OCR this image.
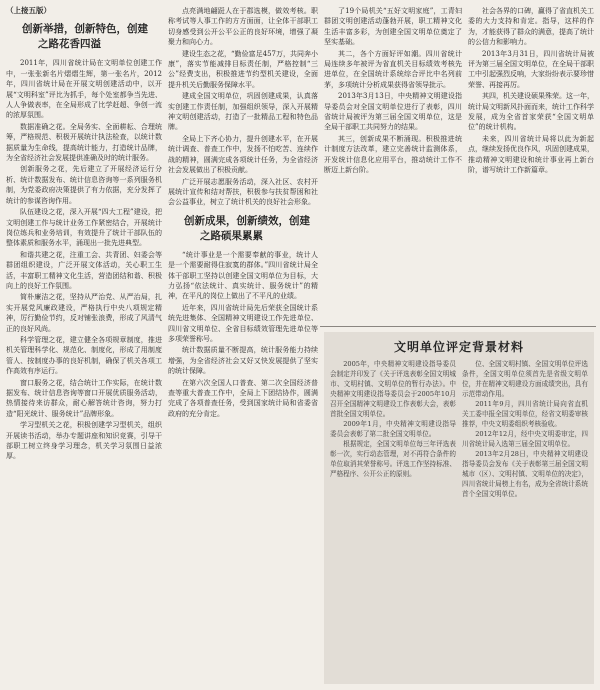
（上接五版）
创新举措，创新特色，创建
之路花香四溢

2011年，四川省统计局在文明单位创建工作中，一张张新名片熠熠生辉，第一张名片，2012年，四川省统计局在开展文明创建活动中，以开展“文明科室”评比为抓手，每个处室都争当先进、人人争做表率，在全局形成了比学赶超、争创一流的浓厚氛围。

数据准确之花。全局务实、全面耕耘、合理统筹，严格规范、积极开展统计执法检查，以统计数据质量为生命线，提高统计能力，打造统计品牌，为全省经济社会发展提供准确及时的统计服务。

创新服务之花，先后建立了开展经济运行分析、统计数据发布、统计信息咨询等一系列服务机制，为党委政府决策提供了有力依据，充分发挥了统计的参谋咨询作用。

队伍建设之花，深入开展“四大工程”建设，把文明创建工作与统计业务工作紧密结合，开展统计岗位练兵和业务培训，有效提升了统计干部队伍的整体素质和服务水平，涌现出一批先进典型。

和谐共建之花，注重工会、共青团、妇委会等群团组织建设，广泛开展文体活动，关心职工生活，丰富职工精神文化生活，营造团结和谐、积极向上的良好工作氛围。

简朴廉洁之花，坚持从严治党、从严治局，扎实开展党风廉政建设，严格执行中央八项规定精神，厉行勤俭节约，反对铺张浪费，形成了风清气正的良好风尚。

科学管理之花，建立健全各项规章制度，推进机关管理科学化、规范化、制度化，形成了用制度管人、按制度办事的良好机制，确保了机关各项工作高效有序运行。

窗口服务之花，结合统计工作实际，在统计数据发布、统计信息咨询等窗口开展优质服务活动，热情接待来访群众，耐心解答统计咨询，努力打造“阳光统计、服务统计”品牌形象。

学习型机关之花，积极创建学习型机关，组织开展读书活动，举办专题讲座和知识竞赛，引导干部职工树立终身学习理念，机关学习氛围日益浓厚。

点亮满地翩跹人在于郡选模，做效考核。职称考试等人事工作的方方面面，让全体干部职工切身感受到公开公平公正的良好环境，增强了凝聚力和向心力。

建设生态之花，“勤俭富足457万，共同奔小康”，落实节能减排目标责任制，严格控制“三公”经费支出，积极推进节约型机关建设，全面提升机关后勤服务保障水平。

建成全国文明单位，巩固创建成果，认真落实创建工作责任制，加强组织领导，深入开展精神文明创建活动，打造了一批精品工程和特色品牌。

全局上下齐心协力，提升创建水平，在开展统计调查、普查工作中，发扬不怕吃苦、连续作战的精神，圆满完成各项统计任务，为全省经济社会发展做出了积极贡献。

广泛开展志愿服务活动，深入社区、农村开展统计宣传和结对帮扶，积极参与扶贫帮困和社会公益事业，树立了统计机关的良好社会形象。

创新成果，创新绩效，创建
之路硕果累累

“统计事业是一个需要奉献的事业，统计人是一个需要耐得住寂寞的群体。”四川省统计局全体干部职工坚持以创建全国文明单位为目标，大力弘扬“依法统计、真实统计、服务统计”的精神，在平凡的岗位上做出了不平凡的业绩。

近年来，四川省统计局先后荣获全国统计系统先进集体、全国精神文明建设工作先进单位、四川省文明单位、全省目标绩效管理先进单位等多项荣誉称号。

统计数据质量不断提高，统计服务能力持续增强，为全省经济社会又好又快发展提供了坚实的统计保障。

在第六次全国人口普查、第二次全国经济普查等重大普查工作中，全局上下团结协作，圆满完成了各项普查任务，受到国家统计局和省委省政府的充分肯定。

了19个局机关“五好文明家庭”，工青妇群团文明创建活动蓬勃开展，职工精神文化生活丰富多彩，为创建全国文明单位奠定了坚实基础。

其二，各个方面好评如潮。四川省统计局连续多年被评为省直机关目标绩效考核先进单位，在全国统计系统综合评比中名列前茅，多项统计分析成果获得省领导批示。

2013年3月13日，中央精神文明建设指导委员会对全国文明单位进行了表彰，四川省统计局被评为第三届全国文明单位，这是全局干部职工共同努力的结果。

其三，创新成果不断涌现。积极推进统计制度方法改革，建立完善统计监测体系，开发统计信息化应用平台，推动统计工作不断迈上新台阶。

社会各界的口碑，赢得了省直机关工委的大力支持和肯定。指导，这样的作为，才能获得了群众的满意，提高了统计的公信力和影响力。

2013年3月31日，四川省统计局被评为第三届全国文明单位，在全局干部职工中引起强烈反响，大家纷纷表示要珍惜荣誉、再接再厉。

其四，机关建设硕果殊荣。这一年，统计局文明新风扑面而来，统计工作科学发展，成为全省首家荣获“全国文明单位”的统计机构。

未来，四川省统计局将以此为新起点，继续发扬优良作风，巩固创建成果，推动精神文明建设和统计事业再上新台阶，谱写统计工作新篇章。

文明单位评定背景材料

2005年，中央精神文明建设指导委员会制定并印发了《关于评选表彰全国文明城市、文明村镇、文明单位的暂行办法》。中央精神文明建设指导委员会于2005年10月召开全国精神文明建设工作表彰大会，表彰首批全国文明单位。

2009年1月，中央精神文明建设指导委员会表彰了第二批全国文明单位。

根据规定，全国文明单位每三年评选表彰一次，实行动态管理，对不再符合条件的单位取消其荣誉称号。评选工作坚持标准、严格程序、公开公正的原则。

位、全国文明村镇、全国文明单位评选条件，全国文明单位须首先是省级文明单位，并在精神文明建设方面成绩突出，具有示范带动作用。

2011年9月，四川省统计局向省直机关工委申报全国文明单位，经省文明委审核推荐，中央文明委组织考核验收。

2012年12月，经中央文明委审定，四川省统计局入选第三届全国文明单位。

2013年2月28日，中央精神文明建设指导委员会发布《关于表彰第三届全国文明城市（区）、文明村镇、文明单位的决定》，四川省统计局榜上有名，成为全省统计系统首个全国文明单位。
